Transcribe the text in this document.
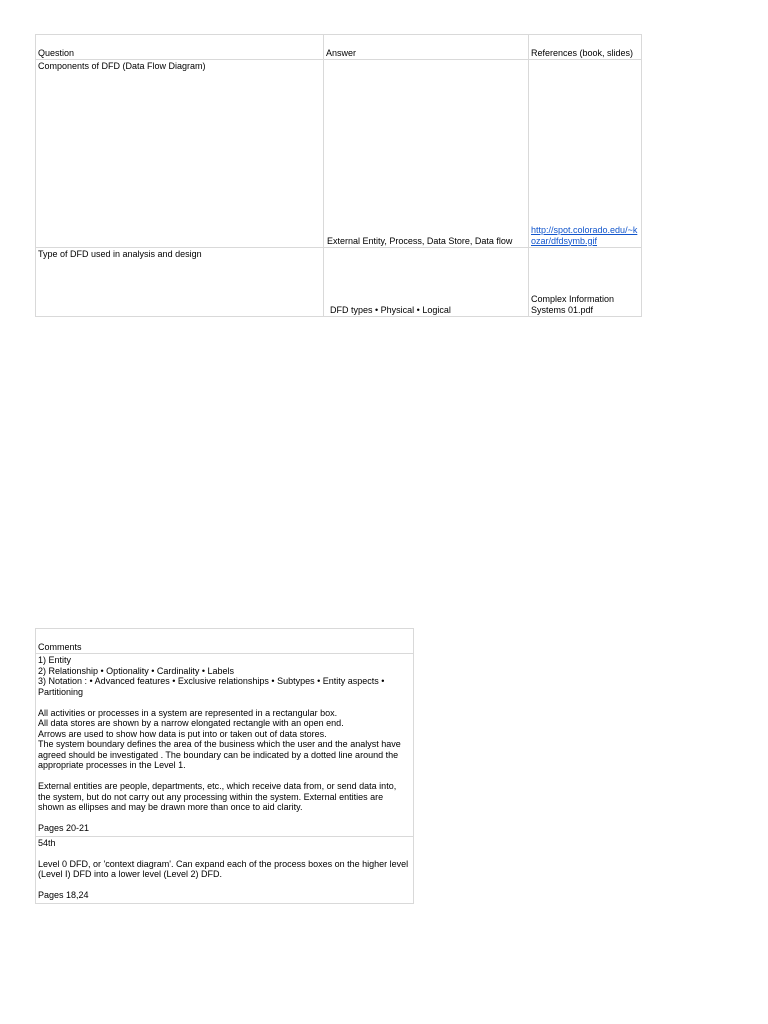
Question	Answer	References (book, slides)
Components of DFD (Data Flow Diagram)	External Entity, Process, Data Store, Data flow	http://spot.colorado.edu/~kozar/dfdsymb.gif
Type of DFD used in analysis and design	DFD types • Physical • Logical	Complex Information Systems 01.pdf
Comments

1) Entity
2) Relationship • Optionality • Cardinality • Labels
3) Notation : • Advanced features • Exclusive relationships • Subtypes • Entity aspects • Partitioning
All activities or processes in a system are represented in a rectangular box.
All data stores are shown by a narrow elongated rectangle with an open end.
Arrows are used to show how data is put into or taken out of data stores.
The system boundary defines the area of the business which the user and the analyst have agreed should be investigated . The boundary can be indicated by a dotted line around the appropriate processes in the Level 1.
External entities are people, departments, etc., which receive data from, or send data into, the system, but do not carry out any processing within the system. External entities are shown as ellipses and may be drawn more than once to aid clarity.
Pages 20-21

54th
Level 0 DFD, or 'context diagram'. Can expand each of the process boxes on the higher level (Level I) DFD into a lower level (Level 2) DFD.
Pages 18,24
